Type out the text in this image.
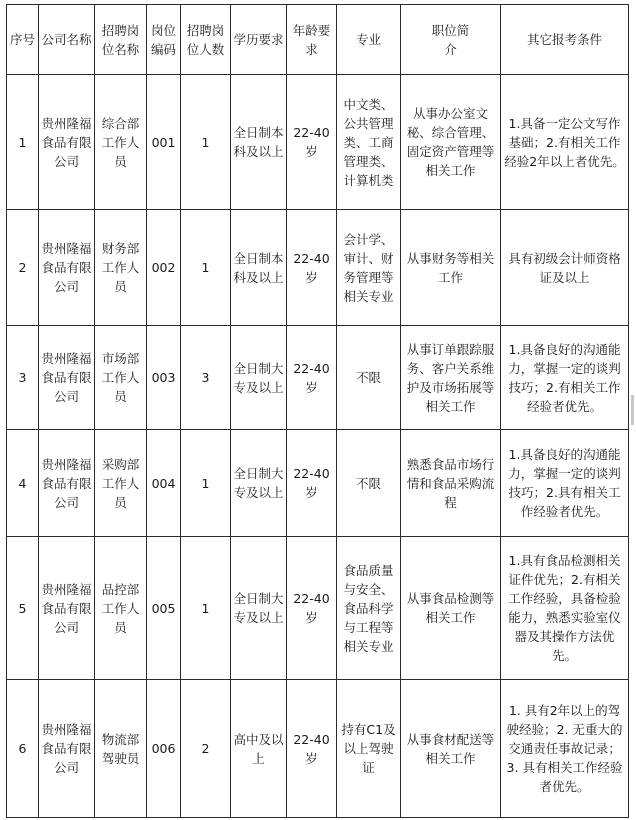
序号	公司名称	招聘岗位名称	岗位编码	招聘岗位人数	学历要求	年龄要求	专业	职位简介	其它报考条件
1	贵州隆福食品有限公司	综合部工作人员	001	1	全日制本科及以上	22-40岁	中文类、公共管理类、工商管理类、计算机类	从事办公室文秘、综合管理、固定资产管理等相关工作	1.具备一定公文写作基础；2.有相关工作经验2年以上者优先。
2	贵州隆福食品有限公司	财务部工作人员	002	1	全日制本科及以上	22-40岁	会计学、审计、财务管理等相关专业	从事财务等相关工作	具有初级会计师资格证及以上
3	贵州隆福食品有限公司	市场部工作人员	003	3	全日制大专及以上	22-40岁	不限	从事订单跟踪服务、客户关系维护及市场拓展等相关工作	1.具备良好的沟通能力，掌握一定的谈判技巧；2.有相关工作经验者优先。
4	贵州隆福食品有限公司	采购部工作人员	004	1	全日制大专及以上	22-40岁	不限	熟悉食品市场行情和食品采购流程	1.具备良好的沟通能力，掌握一定的谈判技巧；2.具有相关工作经验者优先。
5	贵州隆福食品有限公司	品控部工作人员	005	1	全日制大专及以上	22-40岁	食品质量与安全、食品科学与工程等相关专业	从事食品检测等相关工作	1.具有食品检测相关证件优先；2.有相关工作经验，具备检验能力，熟悉实验室仪器及其操作方法优先。
6	贵州隆福食品有限公司	物流部驾驶员	006	2	高中及以上	22-40岁	持有C1及以上驾驶证	从事食材配送等相关工作	1. 具有2年以上的驾驶经验；2. 无重大的交通责任事故记录；3. 具有相关工作经验者优先。
